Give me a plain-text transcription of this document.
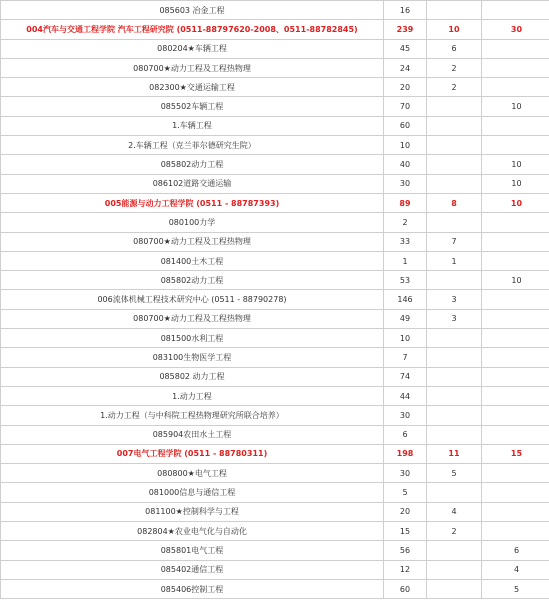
085603 冶金工程	16		
004汽车与交通工程学院 汽车工程研究院 (0511-88797620-2008、0511-88782845)	239	10	30
080204★车辆工程	45	6	
080700★动力工程及工程热物理	24	2	
082300★交通运输工程	20	2	
085502车辆工程	70		10
1.车辆工程	60		
2.车辆工程（克兰菲尔德研究生院）	10		
085802动力工程	40		10
086102道路交通运输	30		10
005能源与动力工程学院 (0511 - 88787393)	89	8	10
080100力学	2		
080700★动力工程及工程热物理	33	7	
081400土木工程	1	1	
085802动力工程	53		10
006流体机械工程技术研究中心 (0511 - 88790278)	146	3	
080700★动力工程及工程热物理	49	3	
081500水利工程	10		
083100生物医学工程	7		
085802 动力工程	74		
1.动力工程	44		
1.动力工程（与中科院工程热物理研究所联合培养）	30		
085904农田水土工程	6		
007电气工程学院 (0511 - 88780311)	198	11	15
080800★电气工程	30	5	
081000信息与通信工程	5		
081100★控制科学与工程	20	4	
082804★农业电气化与自动化	15	2	
085801电气工程	56		6
085402通信工程	12		4
085406控制工程	60		5
